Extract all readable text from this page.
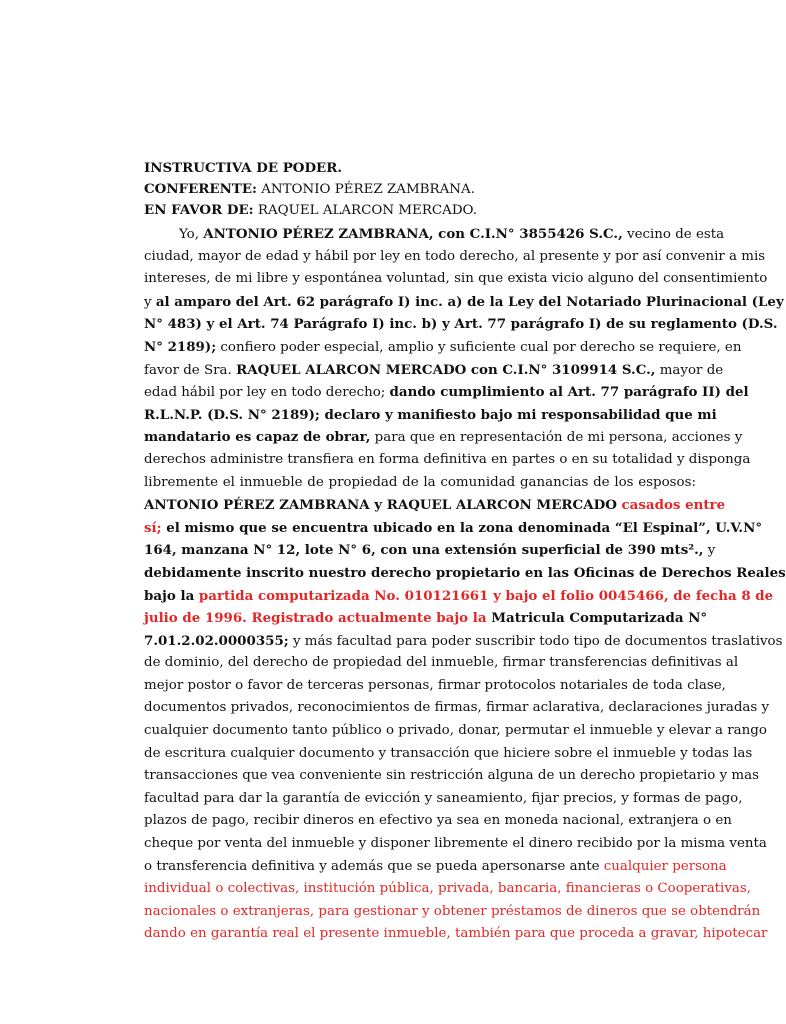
INSTRUCTIVA DE PODER.
CONFERENTE: ANTONIO PÉREZ ZAMBRANA.
EN FAVOR DE: RAQUEL ALARCON MERCADO.
Yo, ANTONIO PÉREZ ZAMBRANA, con C.I.N° 3855426 S.C., vecino de esta
ciudad, mayor de edad y hábil por ley en todo derecho, al presente y por así convenir a mis
intereses, de mi libre y espontánea voluntad, sin que exista vicio alguno del consentimiento
y al amparo del Art. 62 parágrafo I) inc. a) de la Ley del Notariado Plurinacional (Ley
N° 483) y el Art. 74 Parágrafo I) inc. b) y Art. 77 parágrafo I) de su reglamento (D.S.
N° 2189); confiero poder especial, amplio y suficiente cual por derecho se requiere, en
favor de Sra. RAQUEL ALARCON MERCADO con C.I.N° 3109914 S.C., mayor de
edad hábil por ley en todo derecho; dando cumplimiento al Art. 77 parágrafo II) del
R.L.N.P. (D.S. N° 2189); declaro y manifiesto bajo mi responsabilidad que mi
mandatario es capaz de obrar, para que en representación de mi persona, acciones y
derechos administre transfiera en forma definitiva en partes o en su totalidad y disponga
libremente el inmueble de propiedad de la comunidad ganancias de los esposos:
ANTONIO PÉREZ ZAMBRANA y RAQUEL ALARCON MERCADO casados entre
sí; el mismo que se encuentra ubicado en la zona denominada “El Espinal”, U.V.N°
164, manzana N° 12, lote N° 6, con una extensión superficial de 390 mts²., y
debidamente inscrito nuestro derecho propietario en las Oficinas de Derechos Reales
bajo la partida computarizada No. 010121661 y bajo el folio 0045466, de fecha 8 de
julio de 1996. Registrado actualmente bajo la Matricula Computarizada N°
7.01.2.02.0000355; y más facultad para poder suscribir todo tipo de documentos traslativos
de dominio, del derecho de propiedad del inmueble, firmar transferencias definitivas al
mejor postor o favor de terceras personas, firmar protocolos notariales de toda clase,
documentos privados, reconocimientos de firmas, firmar aclarativa, declaraciones juradas y
cualquier documento tanto público o privado, donar, permutar el inmueble y elevar a rango
de escritura cualquier documento y transacción que hiciere sobre el inmueble y todas las
transacciones que vea conveniente sin restricción alguna de un derecho propietario y mas
facultad para dar la garantía de evicción y saneamiento, fijar precios, y formas de pago,
plazos de pago, recibir dineros en efectivo ya sea en moneda nacional, extranjera o en
cheque por venta del inmueble y disponer libremente el dinero recibido por la misma venta
o transferencia definitiva y además que se pueda apersonarse ante cualquier persona
individual o colectivas, institución pública, privada, bancaria, financieras o Cooperativas,
nacionales o extranjeras, para gestionar y obtener préstamos de dineros que se obtendrán
dando en garantía real el presente inmueble, también para que proceda a gravar, hipotecar
